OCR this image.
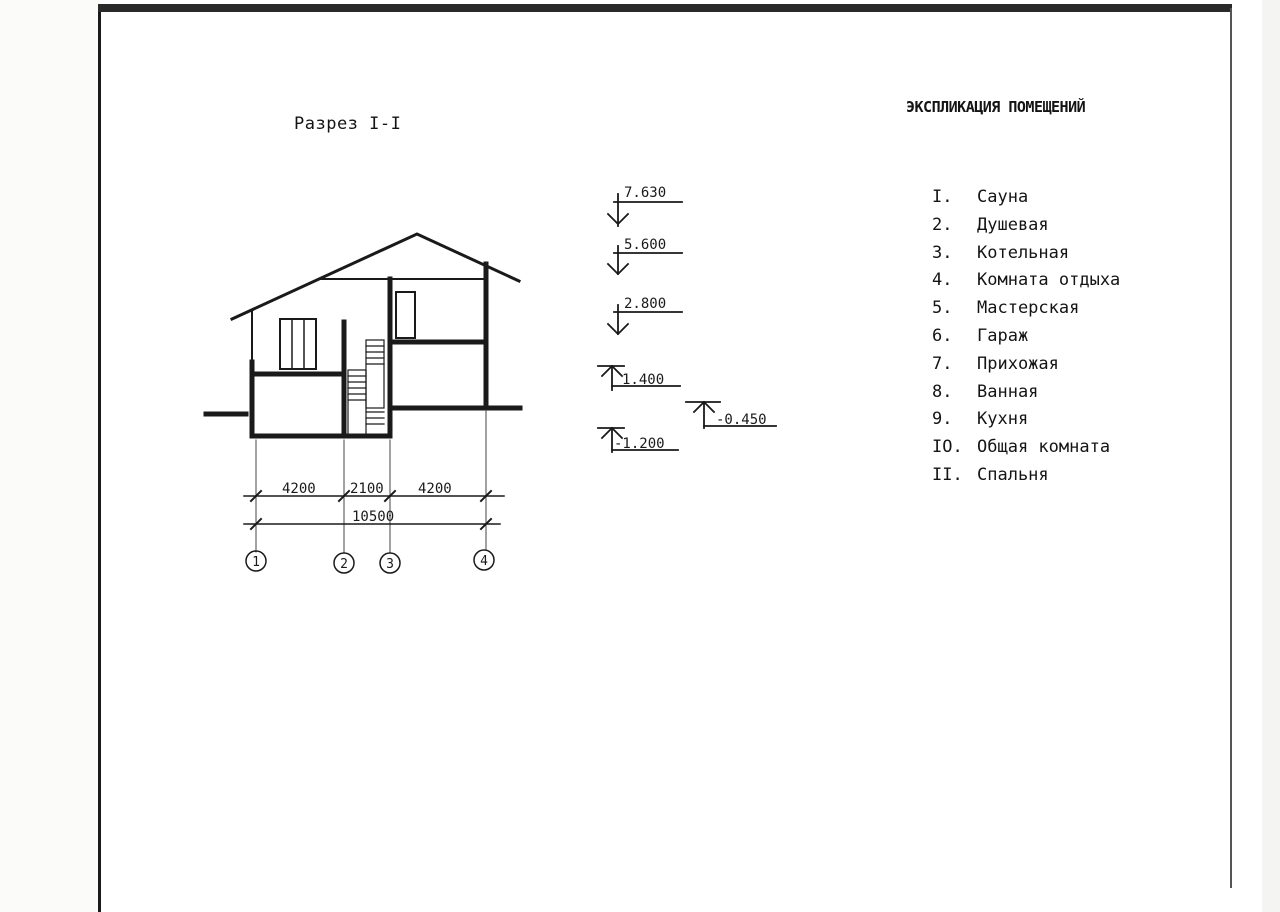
Разрез I-I
ЭКСПЛИКАЦИЯ ПОМЕЩЕНИЙ
I. Сауна
2. Душевая
3. Котельная
4. Комната отдыха
5. Мастерская
6. Гараж
7. Прихожая
8. Ванная
9. Кухня
IO. Общая комната
II. Спальня
7.630
5.600
2.800
1.400
-0.450
-1.200
4200 2100 4200
10500
1	2	3	4
